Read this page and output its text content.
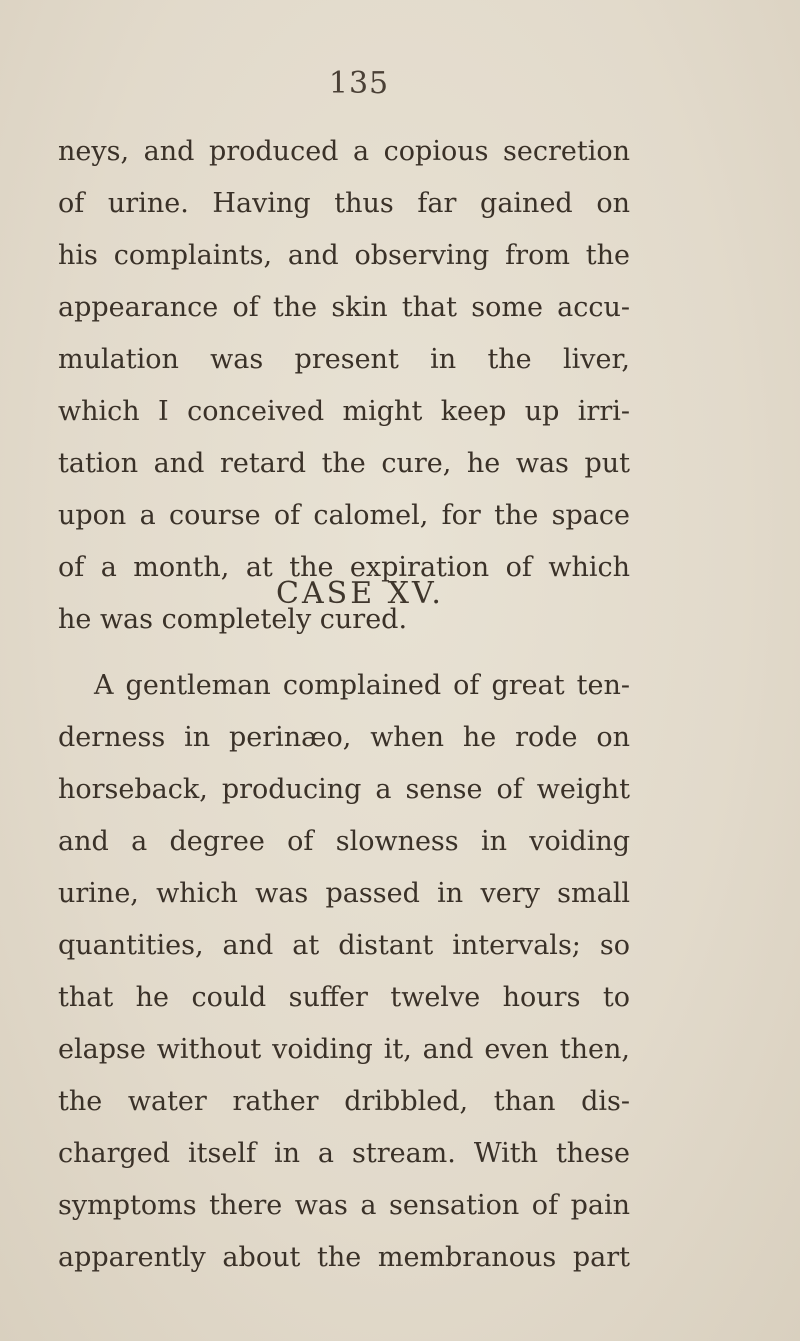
135
neys, and produced a copious secretion
of urine. Having thus far gained on
his complaints, and observing from the
appearance of the skin that some accu-
mulation was present in the liver,
which I conceived might keep up irri-
tation and retard the cure, he was put
upon a course of calomel, for the space
of a month, at the expiration of which
he was completely cured.
CASE XV.
A gentleman complained of great ten-
derness in perinæo, when he rode on
horseback, producing a sense of weight
and a degree of slowness in voiding
urine, which was passed in very small
quantities, and at distant intervals; so
that he could suffer twelve hours to
elapse without voiding it, and even then,
the water rather dribbled, than dis-
charged itself in a stream. With these
symptoms there was a sensation of pain
apparently about the membranous part
